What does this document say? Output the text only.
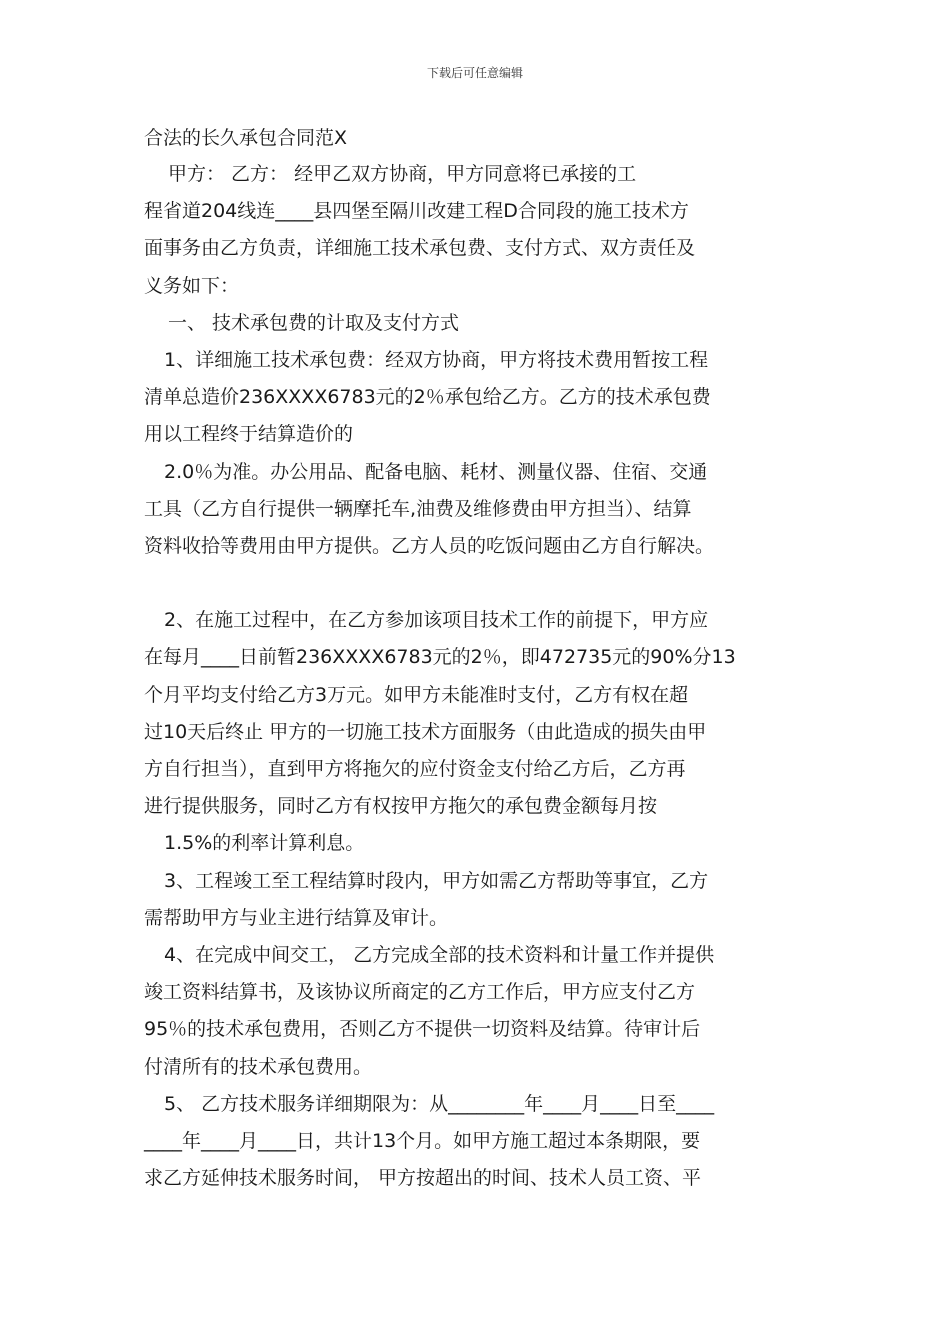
下载后可任意编辑
合法的长久承包合同范X
甲方： 乙方： 经甲乙双方协商，甲方同意将已承接的工
程省道204线连____县四堡至隔川改建工程D合同段的施工技术方
面事务由乙方负责，详细施工技术承包费、支付方式、双方责任及
义务如下：
一、 技术承包费的计取及支付方式
1、详细施工技术承包费：经双方协商，甲方将技术费用暂按工程
清单总造价236XXXX6783元的2％承包给乙方。乙方的技术承包费
用以工程终于结算造价的
2.0％为准。办公用品、配备电脑、耗材、测量仪器、住宿、交通
工具（乙方自行提供一辆摩托车,油费及维修费由甲方担当）、结算
资料收拾等费用由甲方提供。乙方人员的吃饭问题由乙方自行解决。
2、在施工过程中，在乙方参加该项目技术工作的前提下，甲方应
在每月____日前暂236XXXX6783元的2％，即472735元的90%分13
个月平均支付给乙方3万元。如甲方未能准时支付，乙方有权在超
过10天后终止 甲方的一切施工技术方面服务（由此造成的损失由甲
方自行担当），直到甲方将拖欠的应付资金支付给乙方后，乙方再
进行提供服务，同时乙方有权按甲方拖欠的承包费金额每月按
1.5%的利率计算利息。
3、工程竣工至工程结算时段内，甲方如需乙方帮助等事宜，乙方
需帮助甲方与业主进行结算及审计。
4、在完成中间交工， 乙方完成全部的技术资料和计量工作并提供
竣工资料结算书，及该协议所商定的乙方工作后，甲方应支付乙方
95％的技术承包费用，否则乙方不提供一切资料及结算。待审计后
付清所有的技术承包费用。
5、 乙方技术服务详细期限为：从________年____月____日至____
____年____月____日，共计13个月。如甲方施工超过本条期限，要
求乙方延伸技术服务时间， 甲方按超出的时间、技术人员工资、平
